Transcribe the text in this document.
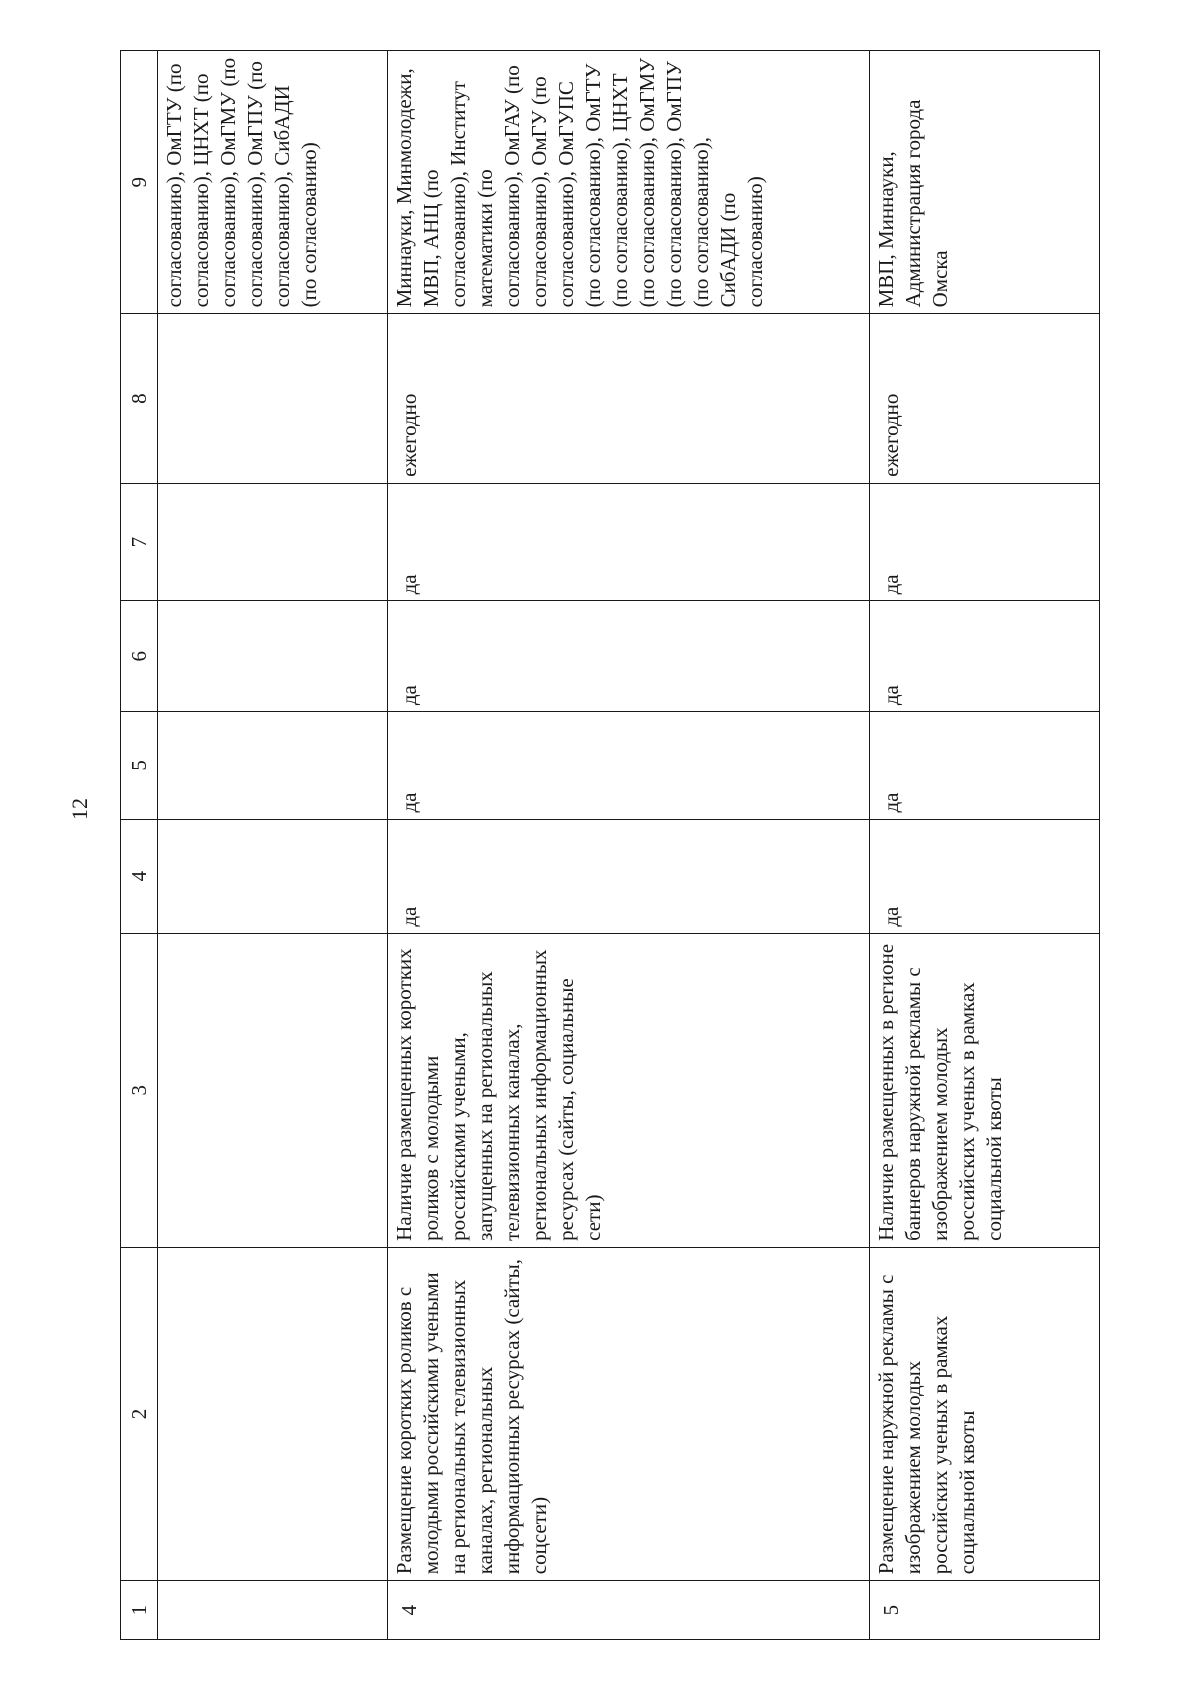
12
1	2	3	4	5	6	7	8	9
								согласованию), ОмГТУ (по согласованию), ЦНХТ (по согласованию), ОмГМУ (по согласованию), ОмГПУ (по согласованию), СибАДИ (по согласованию)
4	Размещение коротких роликов с молодыми российскими учеными на региональных телевизионных каналах, региональных информационных ресурсах (сайты, соцсети)	Наличие размещенных коротких роликов с молодыми российскими учеными, запущенных на региональных телевизионных каналах, региональных информационных ресурсах (сайты, социальные сети)	да	да	да	да	ежегодно	Миннауки, Минмолодежи, МВП, АНЦ (по согласованию), Институт математики (по согласованию), ОмГАУ (по согласованию), ОмГУ (по согласованию), ОмГУПС (по согласованию), ОмГТУ (по согласованию), ЦНХТ (по согласованию), ОмГМУ (по согласованию), ОмГПУ (по согласованию), СибАДИ (по согласованию)
5	Размещение наружной рекламы с изображением молодых российских ученых в рамках социальной квоты	Наличие размещенных в регионе баннеров наружной рекламы с изображением молодых российских ученых в рамках социальной квоты	да	да	да	да	ежегодно	МВП, Миннауки, Администрация города Омска
